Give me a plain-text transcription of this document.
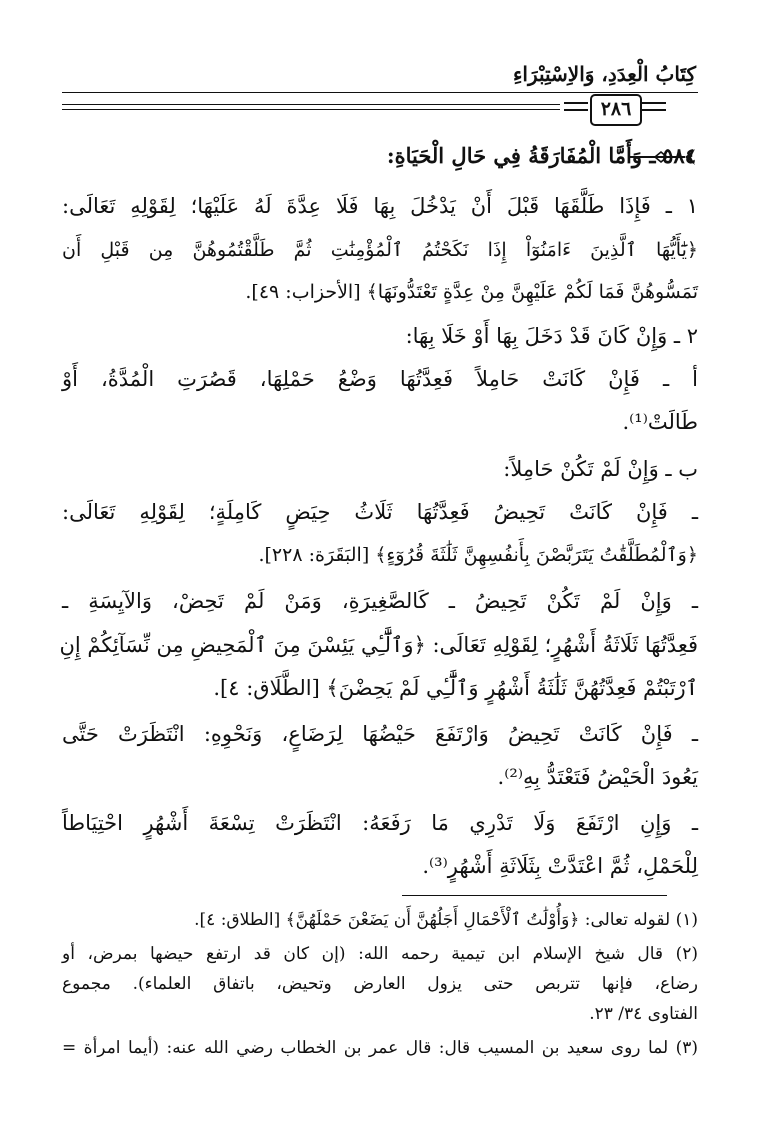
كِتَابُ الْعِدَدِ، وَالاِسْتِبْرَاءِ
٢٨٦
٥٨٤ ـ وَأَمَّا الْمُفَارَقَةُ فِي حَالِ الْحَيَاةِ:
١ ـ فَإِذَا طَلَّقَهَا قَبْلَ أَنْ يَدْخُلَ بِهَا فَلَا عِدَّةَ لَهُ عَلَيْهَا؛ لِقَوْلِهِ تَعَالَى:
﴿يَٰٓأَيُّهَا ٱلَّذِينَ ءَامَنُوٓاْ إِذَا نَكَحْتُمُ ٱلْمُؤْمِنَٰتِ ثُمَّ طَلَّقْتُمُوهُنَّ مِن قَبْلِ أَن
تَمَسُّوهُنَّ فَمَا لَكُمْ عَلَيْهِنَّ مِنْ عِدَّةٍ تَعْتَدُّونَهَا﴾ [الأحزاب: ٤٩].
٢ ـ وَإِنْ كَانَ قَدْ دَخَلَ بِهَا أَوْ خَلَا بِهَا:
أ ـ فَإِنْ كَانَتْ حَامِلاً فَعِدَّتُهَا وَضْعُ حَمْلِهَا، قَصُرَتِ الْمُدَّةُ، أَوْ
طَالَتْ⁽¹⁾.
ب ـ وَإِنْ لَمْ تَكُنْ حَامِلاً:
ـ فَإِنْ كَانَتْ تَحِيضُ فَعِدَّتُهَا ثَلَاثُ حِيَضٍ كَامِلَةٍ؛ لِقَوْلِهِ تَعَالَى:
﴿وَٱلْمُطَلَّقَٰتُ يَتَرَبَّصْنَ بِأَنفُسِهِنَّ ثَلَٰثَةَ قُرُوٓءٍ﴾ [البَقَرَة: ٢٢٨].
ـ وَإِنْ لَمْ تَكُنْ تَحِيضُ ـ كَالصَّغِيرَةِ، وَمَنْ لَمْ تَحِضْ، وَالآيِسَةِ ـ
فَعِدَّتُهَا ثَلَاثَةُ أَشْهُرٍ؛ لِقَوْلِهِ تَعَالَى: ﴿وَٱلَّٰٓـِٔي يَئِسْنَ مِنَ ٱلْمَحِيضِ مِن نِّسَآئِكُمْ إِنِ
ٱرْتَبْتُمْ فَعِدَّتُهُنَّ ثَلَٰثَةُ أَشْهُرٍ وَٱلَّٰٓـِٔي لَمْ يَحِضْنَ﴾ [الطَّلَاق: ٤].
ـ فَإِنْ كَانَتْ تَحِيضُ وَارْتَفَعَ حَيْضُهَا لِرَضَاعٍ، وَنَحْوِهِ: انْتَظَرَتْ حَتَّى
يَعُودَ الْحَيْضُ فَتَعْتَدُّ بِهِ⁽²⁾.
ـ وَإِنِ ارْتَفَعَ وَلَا تَدْرِي مَا رَفَعَهُ: انْتَظَرَتْ تِسْعَةَ أَشْهُرٍ احْتِيَاطاً
لِلْحَمْلِ، ثُمَّ اعْتَدَّتْ بِثَلَاثَةِ أَشْهُرٍ⁽³⁾.
(١) لقوله تعالى: ﴿وَأُوْلَٰتُ ٱلْأَحْمَالِ أَجَلُهُنَّ أَن يَضَعْنَ حَمْلَهُنَّ﴾ [الطلاق: ٤].
(٢) قال شيخ الإسلام ابن تيمية رحمه الله: (إن كان قد ارتفع حيضها بمرض، أو
رضاع، فإنها تتربص حتى يزول العارض وتحيض، باتفاق العلماء). مجموع
الفتاوى ٣٤/ ٢٣.
(٣) لما روى سعيد بن المسيب قال: قال عمر بن الخطاب رضي الله عنه: (أيما امرأة =
